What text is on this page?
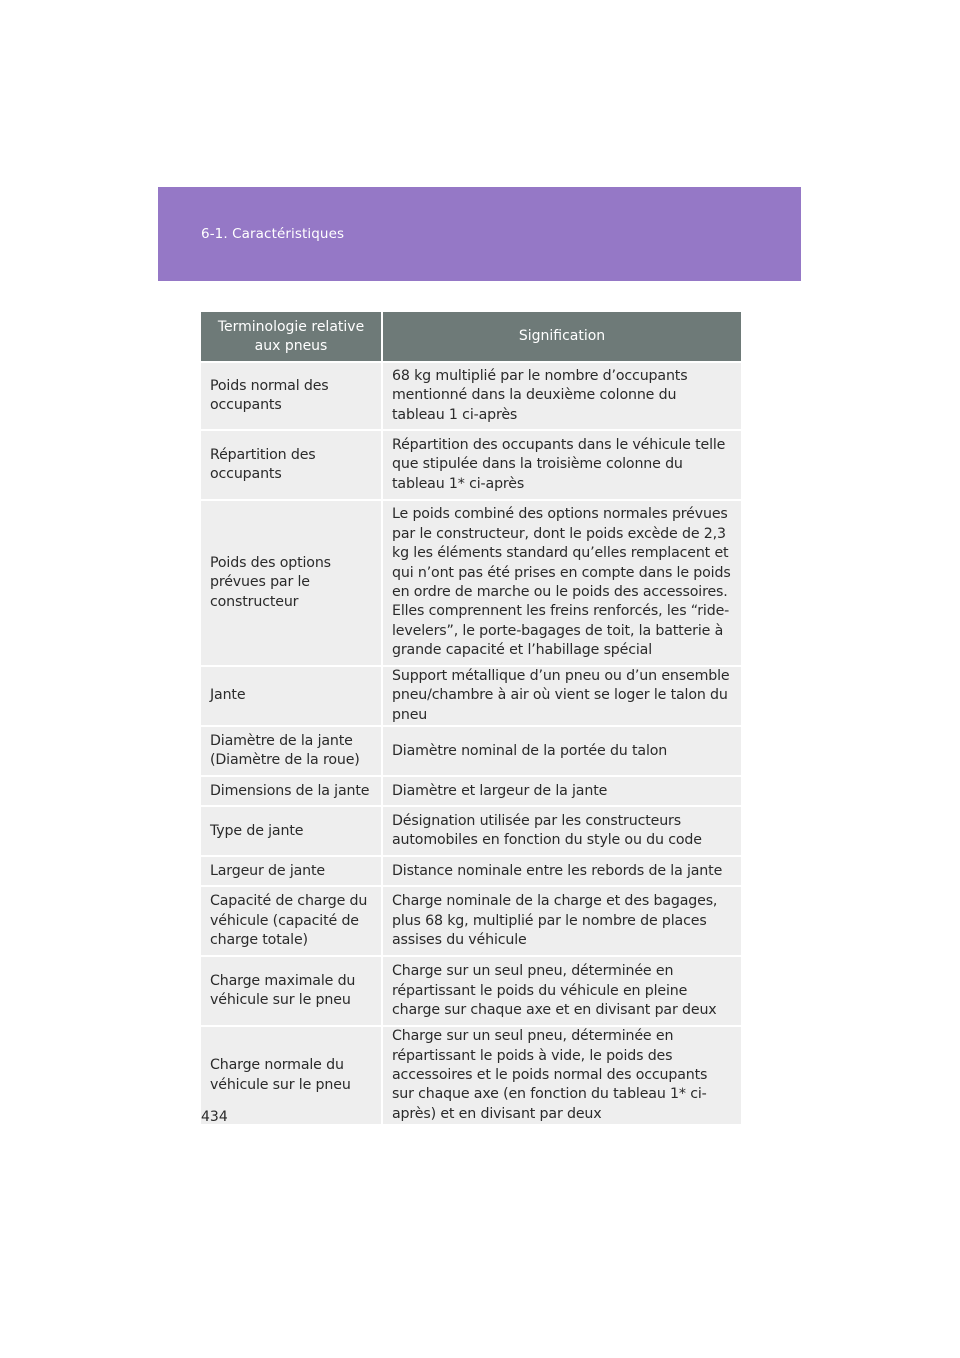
6-1. Caractéristiques
Terminologie relative aux pneus	Signification
Poids normal des occupants	68 kg multiplié par le nombre d’occupants mentionné dans la deuxième colonne du tableau 1 ci-après
Répartition des occupants	Répartition des occupants dans le véhicule telle que stipulée dans la troisième colonne du tableau 1* ci-après
Poids des options prévues par le constructeur	Le poids combiné des options normales prévues par le constructeur, dont le poids excède de 2,3 kg les éléments standard qu’elles remplacent et qui n’ont pas été prises en compte dans le poids en ordre de marche ou le poids des accessoires. Elles comprennent les freins renforcés, les “ride-levelers”, le porte-bagages de toit, la batterie à grande capacité et l’habillage spécial
Jante	Support métallique d’un pneu ou d’un ensemble pneu/chambre à air où vient se loger le talon du pneu
Diamètre de la jante (Diamètre de la roue)	Diamètre nominal de la portée du talon
Dimensions de la jante	Diamètre et largeur de la jante
Type de jante	Désignation utilisée par les constructeurs automobiles en fonction du style ou du code
Largeur de jante	Distance nominale entre les rebords de la jante
Capacité de charge du véhicule (capacité de charge totale)	Charge nominale de la charge et des bagages, plus 68 kg, multiplié par le nombre de places assises du véhicule
Charge maximale du véhicule sur le pneu	Charge sur un seul pneu, déterminée en répartissant le poids du véhicule en pleine charge sur chaque axe et en divisant par deux
Charge normale du véhicule sur le pneu	Charge sur un seul pneu, déterminée en répartissant le poids à vide, le poids des accessoires et le poids normal des occupants sur chaque axe (en fonction du tableau 1* ci-après) et en divisant par deux
434
